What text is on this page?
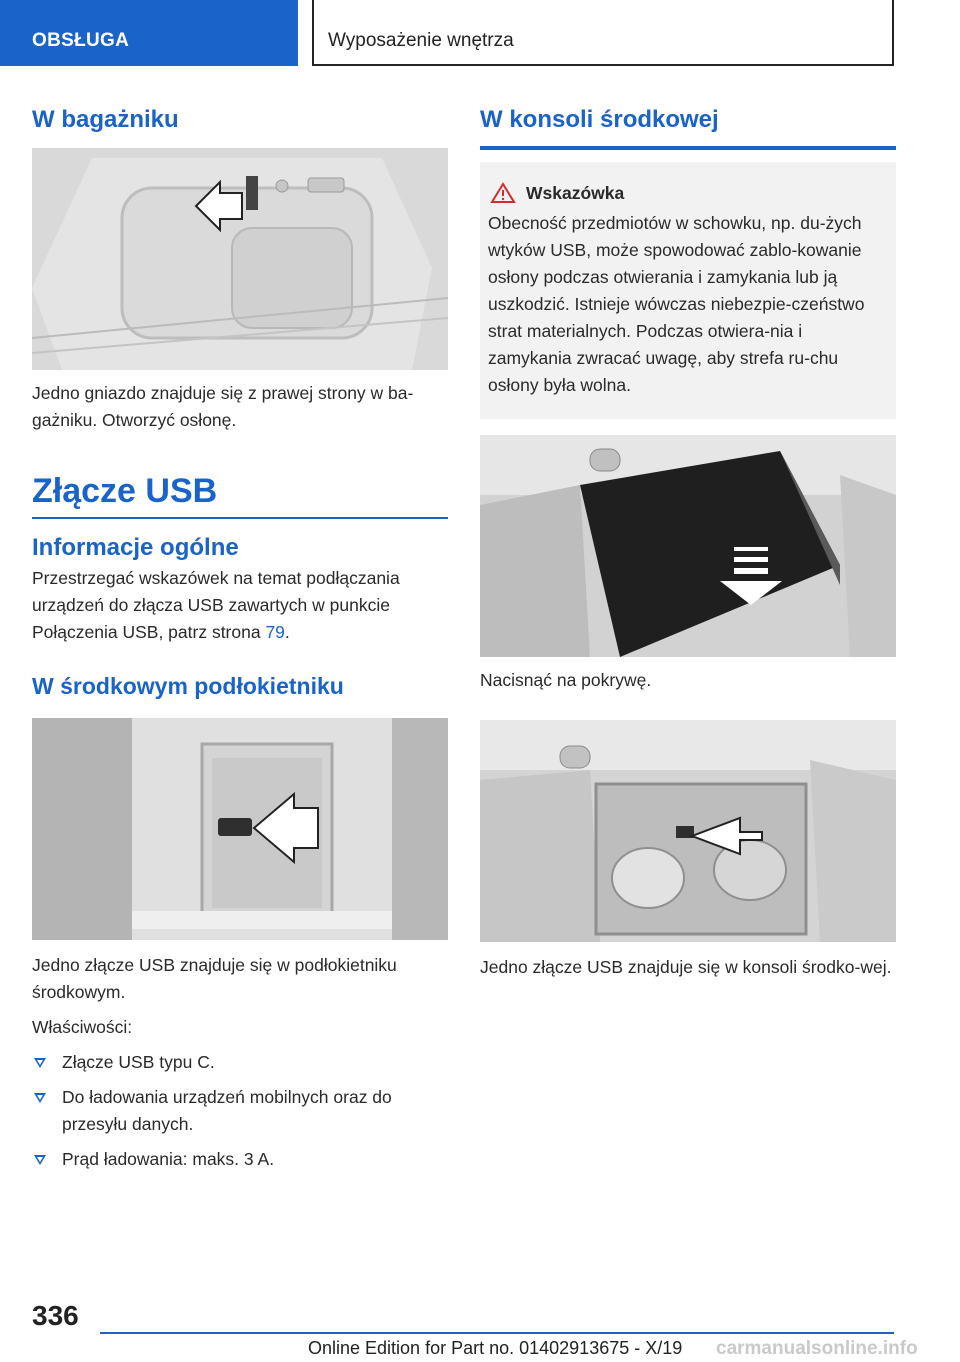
OBSŁUGA	Wyposażenie wnętrza
W bagażniku

Jedno gniazdo znajduje się z prawej strony w ba-gażniku. Otworzyć osłonę.

Złącze USB
Informacje ogólne

Przestrzegać wskazówek na temat podłączania urządzeń do złącza USB zawartych w punkcie Połączenia USB, patrz strona 79.

W środkowym podłokietniku

Jedno złącze USB znajduje się w podłokietniku środkowym.

Właściwości:

Złącze USB typu C.
Do ładowania urządzeń mobilnych oraz do przesyłu danych.
Prąd ładowania: maks. 3 A.
W konsoli środkowej
Wskazówka

Obecność przedmiotów w schowku, np. du-żych wtyków USB, może spowodować zablo-kowanie osłony podczas otwierania i zamykania lub ją uszkodzić. Istnieje wówczas niebezpie-czeństwo strat materialnych. Podczas otwiera-nia i zamykania zwracać uwagę, aby strefa ru-chu osłony była wolna.

Nacisnąć na pokrywę.

Jedno złącze USB znajduje się w konsoli środko-wej.

336
Online Edition for Part no. 01402913675 - X/19 carmanualsonline.info
